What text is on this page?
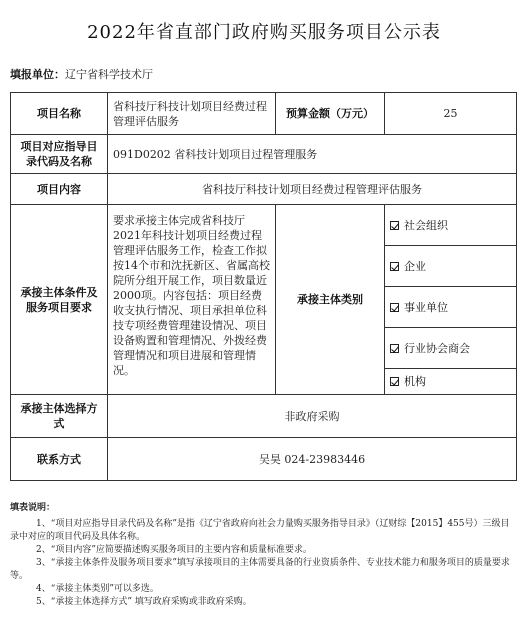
2022年省直部门政府购买服务项目公示表
填报单位：辽宁省科学技术厅
项目名称	省科技厅科技计划项目经费过程管理评估服务	预算金额（万元）	25
项目对应指导目录代码及名称	091D0202 省科技计划项目过程管理服务		
项目内容	省科技厅科技计划项目经费过程管理评估服务		
承接主体条件及服务项目要求	要求承接主体完成省科技厅2021年科技计划项目经费过程管理评估服务工作，检查工作拟按14个市和沈抚新区、省属高校院所分组开展工作，项目数量近2000项。内容包括：项目经费收支执行情况、项目承担单位科技专项经费管理建设情况、项目设备购置和管理情况、外拨经费管理情况和项目进展和管理情况。	承接主体类别	社会组织

			企业

			事业单位

			行业协会商会

			机构

承接主体选择方式	非政府采购		
联系方式	吴昊 024-23983446		
填表说明：

1、“项目对应指导目录代码及名称”是指《辽宁省政府向社会力量购买服务指导目录》（辽财综【2015】455号）三级目录中对应的项目代码及具体名称。

2、“项目内容”应简要描述购买服务项目的主要内容和质量标准要求。

3、“承接主体条件及服务项目要求”填写承接项目的主体需要具备的行业资质条件、专业技术能力和服务项目的质量要求等。

4、“承接主体类别”可以多选。

5、“承接主体选择方式” 填写政府采购或非政府采购。
